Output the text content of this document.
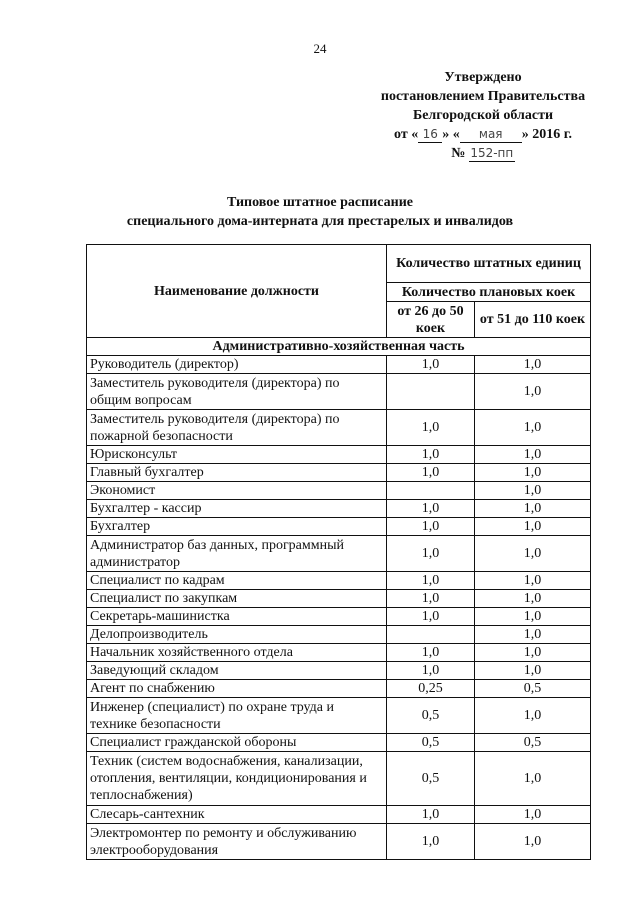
24
Утверждено
постановлением Правительства
Белгородской области
от « 16 » « мая » 2016 г.
№ 152-пп
Типовое штатное расписание
специального дома-интерната для престарелых и инвалидов
Наименование должности	Количество штатных единиц	
	Количество плановых коек	
	от 26 до 50 коек	от 51 до 110 коек
Административно-хозяйственная часть		
Руководитель (директор)	1,0	1,0
Заместитель руководителя (директора) по общим вопросам		1,0
Заместитель руководителя (директора) по пожарной безопасности	1,0	1,0
Юрисконсульт	1,0	1,0
Главный бухгалтер	1,0	1,0
Экономист		1,0
Бухгалтер - кассир	1,0	1,0
Бухгалтер	1,0	1,0
Администратор баз данных, программный администратор	1,0	1,0
Специалист по кадрам	1,0	1,0
Специалист по закупкам	1,0	1,0
Секретарь-машинистка	1,0	1,0
Делопроизводитель		1,0
Начальник хозяйственного отдела	1,0	1,0
Заведующий складом	1,0	1,0
Агент по снабжению	0,25	0,5
Инженер (специалист) по охране труда и технике безопасности	0,5	1,0
Специалист гражданской обороны	0,5	0,5
Техник (систем водоснабжения, канализации, отопления, вентиляции, кондиционирования и теплоснабжения)	0,5	1,0
Слесарь-сантехник	1,0	1,0
Электромонтер по ремонту и обслуживанию электрооборудования	1,0	1,0
